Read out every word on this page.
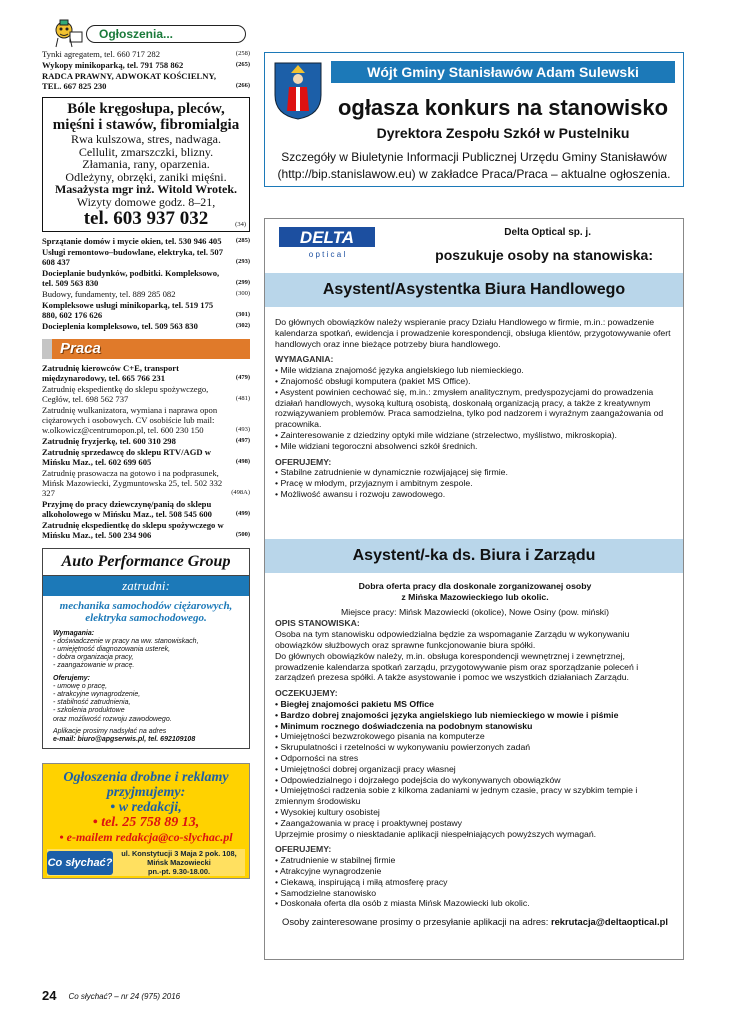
Ogłoszenia...
Tynki agregatem, tel. 660 717 282	(258)
Wykopy minikoparką, tel. 791 758 862	(265)
RADCA PRAWNY, ADWOKAT KOŚCIELNY, TEL. 667 825 230	(266)
Bóle kręgosłupa, pleców, mięśni i stawów, fibromialgia
Rwa kulszowa, stres, nadwaga.
Cellulit, zmarszczki, blizny.
Złamania, rany, oparzenia.
Odleżyny, obrzęki, zaniki mięśni.
Masażysta mgr inż. Witold Wrotek.
Wizyty domowe godz. 8–21,
tel. 603 937 032	(34)
Sprzątanie domów i mycie okien, tel. 530 946 405 (285)
Usługi remontowo–budowlane, elektryka, tel. 507 608 437	(293)
Docieplanie budynków, podbitki. Kompleksowo, tel. 509 563 830	(299)
Budowy, fundamenty, tel. 889 285 082	(300)
Kompleksowe usługi minikoparką, tel. 519 175 880, 602 176 626	(301)
Docieplenia kompleksowo, tel. 509 563 830	(302)
Praca
Zatrudnię kierowców C+E, transport międzynarodowy, tel. 665 766 231	(479)
Zatrudnię ekspedientkę do sklepu spożywczego, Cegłów, tel. 698 562 737	(481)
Zatrudnię wulkanizatora, wymiana i naprawa opon ciężarowych i osobowych. CV osobiście lub mail: w.olkowicz@centrumopon.pl, tel. 600 230 150	(493)
Zatrudnię fryzjerkę, tel. 600 310 298	(497)
Zatrudnię sprzedawcę do sklepu RTV/AGD w Mińsku Maz., tel. 602 699 605	(498)
Zatrudnię prasowacza na gotowo i na podprasunek, Mińsk Mazowiecki, Zygmuntowska 25, tel. 502 332 327	(498A)
Przyjmę do pracy dziewczynę/panią do sklepu alkoholowego w Mińsku Maz., tel. 508 545 600	(499)
Zatrudnię ekspedientkę do sklepu spożywczego w Mińsku Maz., tel. 500 234 906	(500)
Auto Performance Group
zatrudni:
mechanika samochodów ciężarowych, elektryka samochodowego.
Wymagania:
- doświadczenie w pracy na ww. stanowiskach,
- umiejętność diagnozowania usterek,
- dobra organizacja pracy,
- zaangażowanie w pracę.
Oferujemy:
- umowę o pracę,
- atrakcyjne wynagrodzenie,
- stabilność zatrudnienia,
- szkolenia produktowe
oraz możliwość rozwoju zawodowego.
Aplikacje prosimy nadsyłać na adres
e-mail: biuro@apgserwis.pl, tel. 692109108
Ogłoszenia drobne i reklamy
przyjmujemy:
• w redakcji,
• tel. 25 758 89 13,
• e-mailem redakcja@co-slychac.pl
Co słychać?
ul. Konstytucji 3 Maja 2 pok. 108,
Mińsk Mazowiecki
pn.-pt. 9.30-18.00.
24 Co słychać? – nr 24 (975) 2016
Wójt Gminy Stanisławów Adam Sulewski
ogłasza konkurs na stanowisko
Dyrektora Zespołu Szkół w Pustelniku
Szczegóły w Biuletynie Informacji Publicznej Urzędu Gminy Stanisławów
(http://bip.stanislawow.eu) w zakładce Praca/Praca – aktualne ogłoszenia.
DELTA
o p t i c a l
Delta Optical sp. j.
poszukuje osoby na stanowiska:
Asystent/Asystentka Biura Handlowego
Do głównych obowiązków należy wspieranie pracy Działu Handlowego w firmie, m.in.: powadzenie kalendarza spotkań, ewidencja i prowadzenie korespondencji, obsługa klientów, przygotowywanie ofert handlowych oraz inne bieżące potrzeby biura handlowego.
WYMAGANIA:
• Mile widziana znajomość języka angielskiego lub niemieckiego.
• Znajomość obsługi komputera (pakiet MS Office).
• Asystent powinien cechować się, m.in.: zmysłem analitycznym, predyspozycjami do prowadzenia działań handlowych, wysoką kulturą osobistą, doskonałą organizacją pracy, a także z kreatywnym rozwiązywaniem problemów. Praca samodzielna, tylko pod nadzorem i wyraźnym zaangażowania od pracownika.
• Zainteresowanie z dziedziny optyki mile widziane (strzelectwo, myślistwo, mikroskopia).
• Mile widziani tegoroczni absolwenci szkół średnich.
OFERUJEMY:
• Stabilne zatrudnienie w dynamicznie rozwijającej się firmie.
• Pracę w młodym, przyjaznym i ambitnym zespole.
• Możliwość awansu i rozwoju zawodowego.
Asystent/-ka ds. Biura i Zarządu
Dobra oferta pracy dla doskonale zorganizowanej osoby
z Mińska Mazowieckiego lub okolic.
Miejsce pracy: Mińsk Mazowiecki (okolice), Nowe Osiny (pow. miński)
OPIS STANOWISKA:
Osoba na tym stanowisku odpowiedzialna będzie za wspomaganie Zarządu w wykonywaniu obowiązków służbowych oraz sprawne funkcjonowanie biura spółki.
Do głównych obowiązków należy, m.in. obsługa korespondencji wewnętrznej i zewnętrznej, prowadzenie kalendarza spotkań zarządu, przygotowywanie pism oraz sporządzanie poleceń i zarządzeń prezesa spółki. A także asystowanie i pomoc we wszystkich działaniach Zarządu.
OCZEKUJEMY:
• Biegłej znajomości pakietu MS Office
• Bardzo dobrej znajomości języka angielskiego lub niemieckiego w mowie i piśmie
• Minimum rocznego doświadczenia na podobnym stanowisku
• Umiejętności bezwzrokowego pisania na komputerze
• Skrupulatności i rzetelności w wykonywaniu powierzonych zadań
• Odporności na stres
• Umiejętności dobrej organizacji pracy własnej
• Odpowiedzialnego i dojrzałego podejścia do wykonywanych obowiązków
• Umiejętności radzenia sobie z kilkoma zadaniami w jednym czasie, pracy w szybkim tempie i zmiennym środowisku
• Wysokiej kultury osobistej
• Zaangażowania w pracę i proaktywnej postawy
Uprzejmie prosimy o niesktadanie aplikacji niespełniających powyższych wymagań.
OFERUJEMY:
• Zatrudnienie w stabilnej firmie
• Atrakcyjne wynagrodzenie
• Ciekawą, inspirującą i miłą atmosferę pracy
• Samodzielne stanowisko
• Doskonała oferta dla osób z miasta Mińsk Mazowiecki lub okolic.
Osoby zainteresowane prosimy o przesyłanie aplikacji na adres: rekrutacja@deltaoptical.pl
